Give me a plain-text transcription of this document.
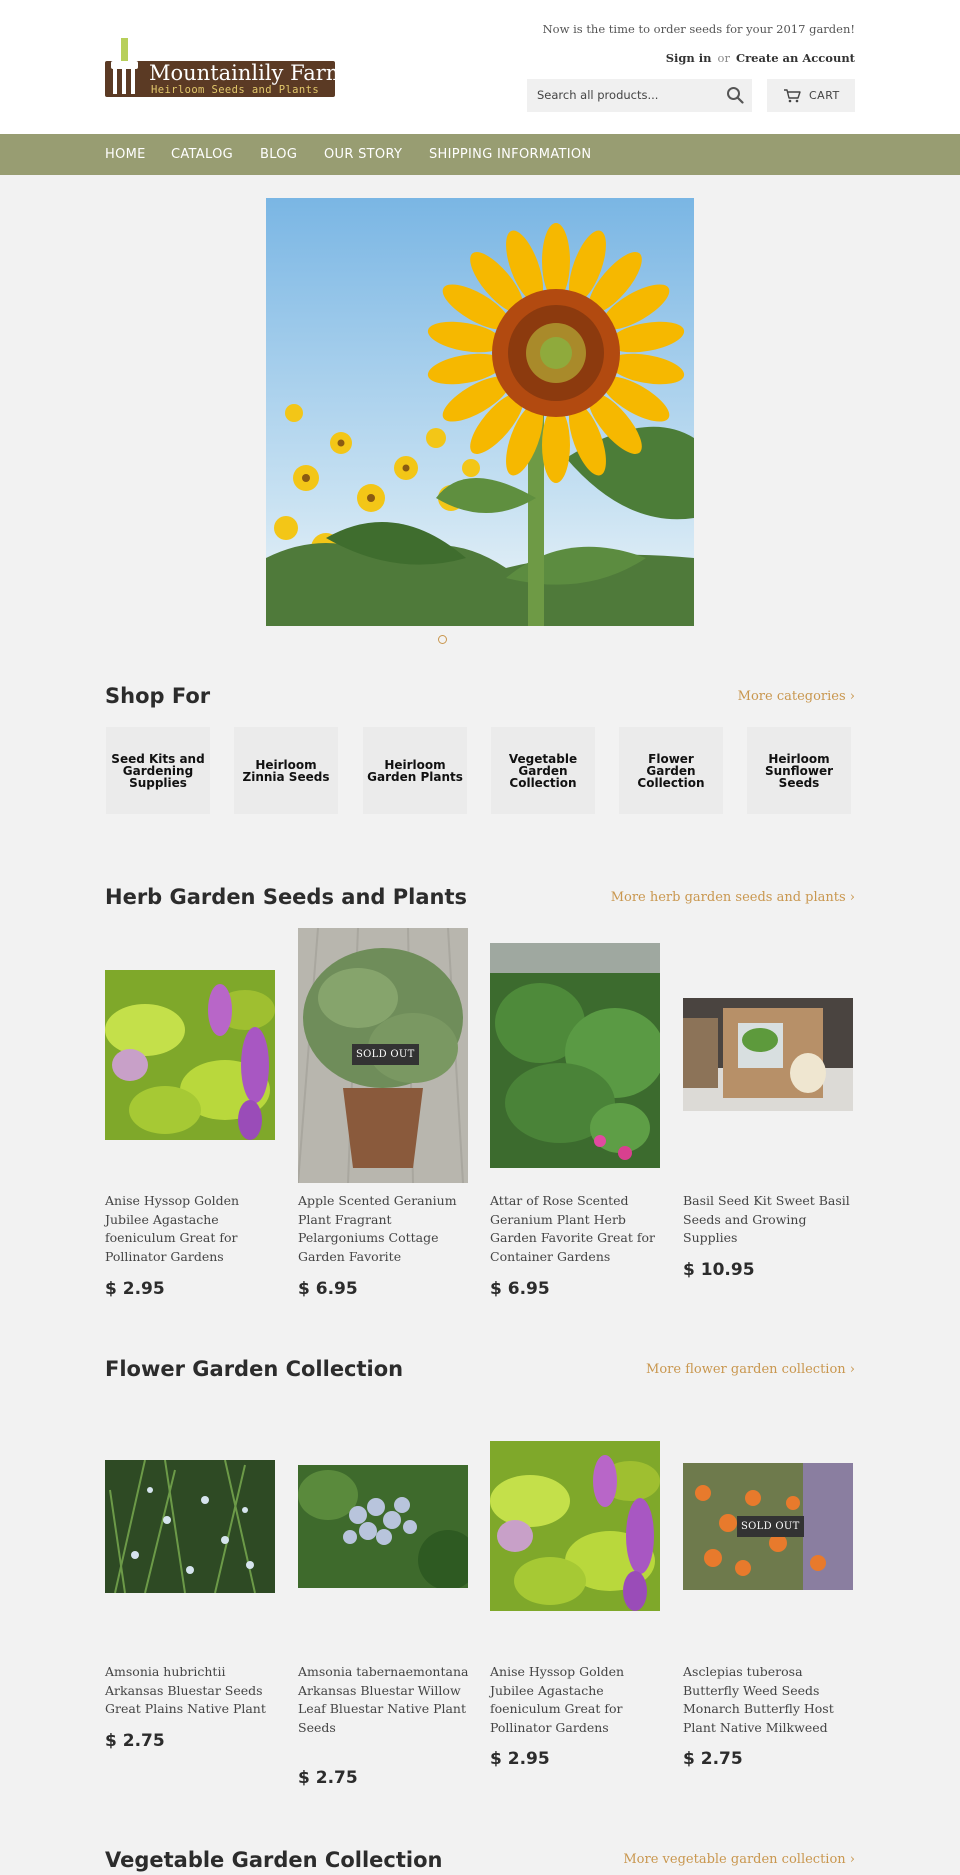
Mountainlily Farm
Heirloom Seeds and Plants
Now is the time to order seeds for your 2017 garden!
Sign in or Create an Account
Search all products...	CART
HOME CATALOG BLOG OUR STORY SHIPPING INFORMATION
Shop For	More categories ›
Seed Kits and Gardening Supplies
Heirloom Zinnia Seeds
Heirloom Garden Plants
Vegetable Garden Collection
Flower Garden Collection
Heirloom Sunflower Seeds
Herb Garden Seeds and Plants	More herb garden seeds and plants ›
Anise Hyssop Golden Jubilee Agastache foeniculum Great for Pollinator Gardens
$ 2.95
SOLD OUT
Apple Scented Geranium Plant Fragrant Pelargoniums Cottage Garden Favorite
$ 6.95
Attar of Rose Scented Geranium Plant Herb Garden Favorite Great for Container Gardens
$ 6.95
Basil Seed Kit Sweet Basil Seeds and Growing Supplies
$ 10.95
Flower Garden Collection	More flower garden collection ›
Amsonia hubrichtii Arkansas Bluestar Seeds Great Plains Native Plant
$ 2.75
Amsonia tabernaemontana Arkansas Bluestar Willow Leaf Bluestar Native Plant Seeds
$ 2.75
Anise Hyssop Golden Jubilee Agastache foeniculum Great for Pollinator Gardens
$ 2.95
SOLD OUT
Asclepias tuberosa Butterfly Weed Seeds Monarch Butterfly Host Plant Native Milkweed
$ 2.75
Vegetable Garden Collection	More vegetable garden collection ›
